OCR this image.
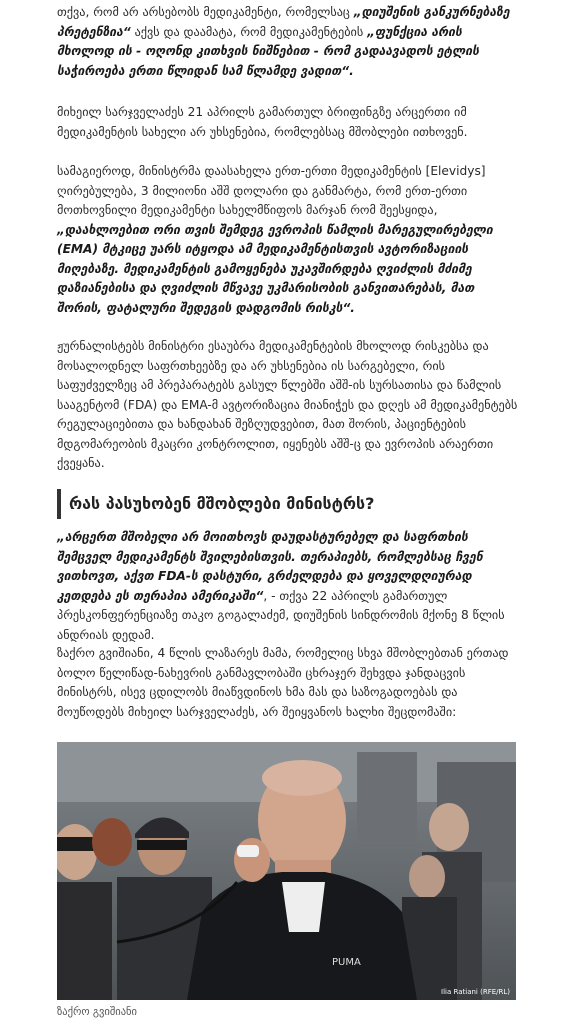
თქვა, რომ არ არსებობს მედიკამენტი, რომელსაც „დიუშენის განკურნებაზე პრეტენზია“ აქვს და დაამატა, რომ მედიკამენტების „ფუნქცია არის მხოლოდ ის - ოღონდ კითხვის ნიშნებით - რომ გადაავადოს ეტლის საჭიროება ერთი წლიდან სამ წლამდე ვადით“.

მიხეილ სარჯველაძეს 21 აპრილს გამართულ ბრიფინგზე არცერთი იმ მედიკამენტის სახელი არ უხსენებია, რომლებსაც მშობლები ითხოვენ.

სამაგიეროდ, მინისტრმა დაასახელა ერთ-ერთი მედიკამენტის [Elevidys] ღირებულება, 3 მილიონი აშშ დოლარი და განმარტა, რომ ერთ-ერთი მოთხოვნილი მედიკამენტი სახელმწიფოს მარჯან რომ შეესყიდა, „დაახლოებით ორი თვის შემდეგ ევროპის წამლის მარეგულირებელი (EMA) მტკიცე უარს იტყოდა ამ მედიკამენტისთვის ავტორიზაციის მიღებაზე. მედიკამენტის გამოყენება უკავშირდება ღვიძლის მძიმე დაზიანებისა და ღვიძლის მწვავე უკმარისობის განვითარებას, მათ შორის, ფატალური შედეგის დადგომის რისკს“.

ჟურნალისტებს მინისტრი ესაუბრა მედიკამენტების მხოლოდ რისკებსა და მოსალოდნელ საფრთხეებზე და არ უხსენებია ის სარგებელი, რის საფუძველზეც ამ პრეპარატებს გასულ წლებში აშშ-ის სურსათისა და წამლის სააგენტომ (FDA) და EMA-მ ავტორიზაცია მიანიჭეს და დღეს ამ მედიკამენტებს რეგულაციებითა და ხანდახან შეზღუდვებით, მათ შორის, პაციენტების მდგომარეობის მკაცრი კონტროლით, იყენებს აშშ-ც და ევროპის არაერთი ქვეყანა.

რას პასუხობენ მშობლები მინისტრს?

„არცერთ მშობელი არ მოითხოვს დაუდასტურებელ და საფრთხის შემცველ მედიკამენტს შვილებისთვის. თერაპიებს, რომლებსაც ჩვენ ვითხოვთ, აქვთ FDA-ს დასტური, გრძელდება და ყოველდღიურად კეთდება ეს თერაპია ამერიკაში“, - თქვა 22 აპრილს გამართულ პრესკონფერენციაზე თაკო გოგალაძემ, დიუშენის სინდრომის მქონე 8 წლის ანდრიას დედამ.

ზაქრო გვიშიანი, 4 წლის ლაზარეს მამა, რომელიც სხვა მშობლებთან ერთად ბოლო წელიწად-ნახევრის განმავლობაში ცხრაჯერ შეხვდა ჯანდაცვის მინისტრს, ისევ ცდილობს მიაწვდინოს ხმა მას და საზოგადოებას და მოუწოდებს მიხეილ სარჯველაძეს, არ შეიყვანოს ხალხი შეცდომაში:

PUMA
Ilia Ratiani (RFE/RL)
ზაქრო გვიშიანი
